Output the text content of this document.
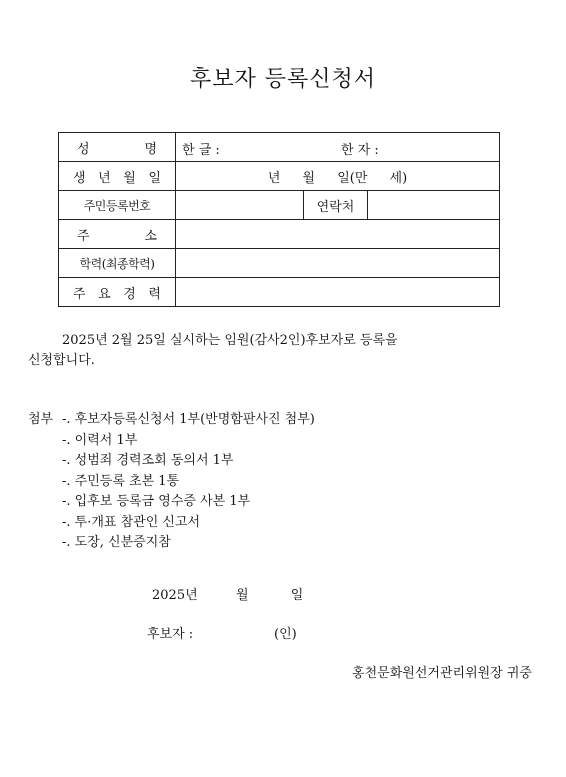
후보자 등록신청서
성 명	한 글 : 한 자 :		

생 년 월 일	년 월 일(만 세)		
주민등록번호		연락처	

주 소			

학력(최종학력)			

주 요 경 력			

2025년 2월 25일 실시하는 임원(감사2인)후보자로 등록을
신청합니다.
첨부 -. 후보자등록신청서 1부(반명함판사진 첨부)
-. 이력서 1부
-. 성범죄 경력조회 동의서 1부
-. 주민등록 초본 1통
-. 입후보 등록금 영수증 사본 1부
-. 투·개표 참관인 신고서
-. 도장, 신분증지참
2025년	월	일
후보자 :	(인)
홍천문화원선거관리위원장 귀중
